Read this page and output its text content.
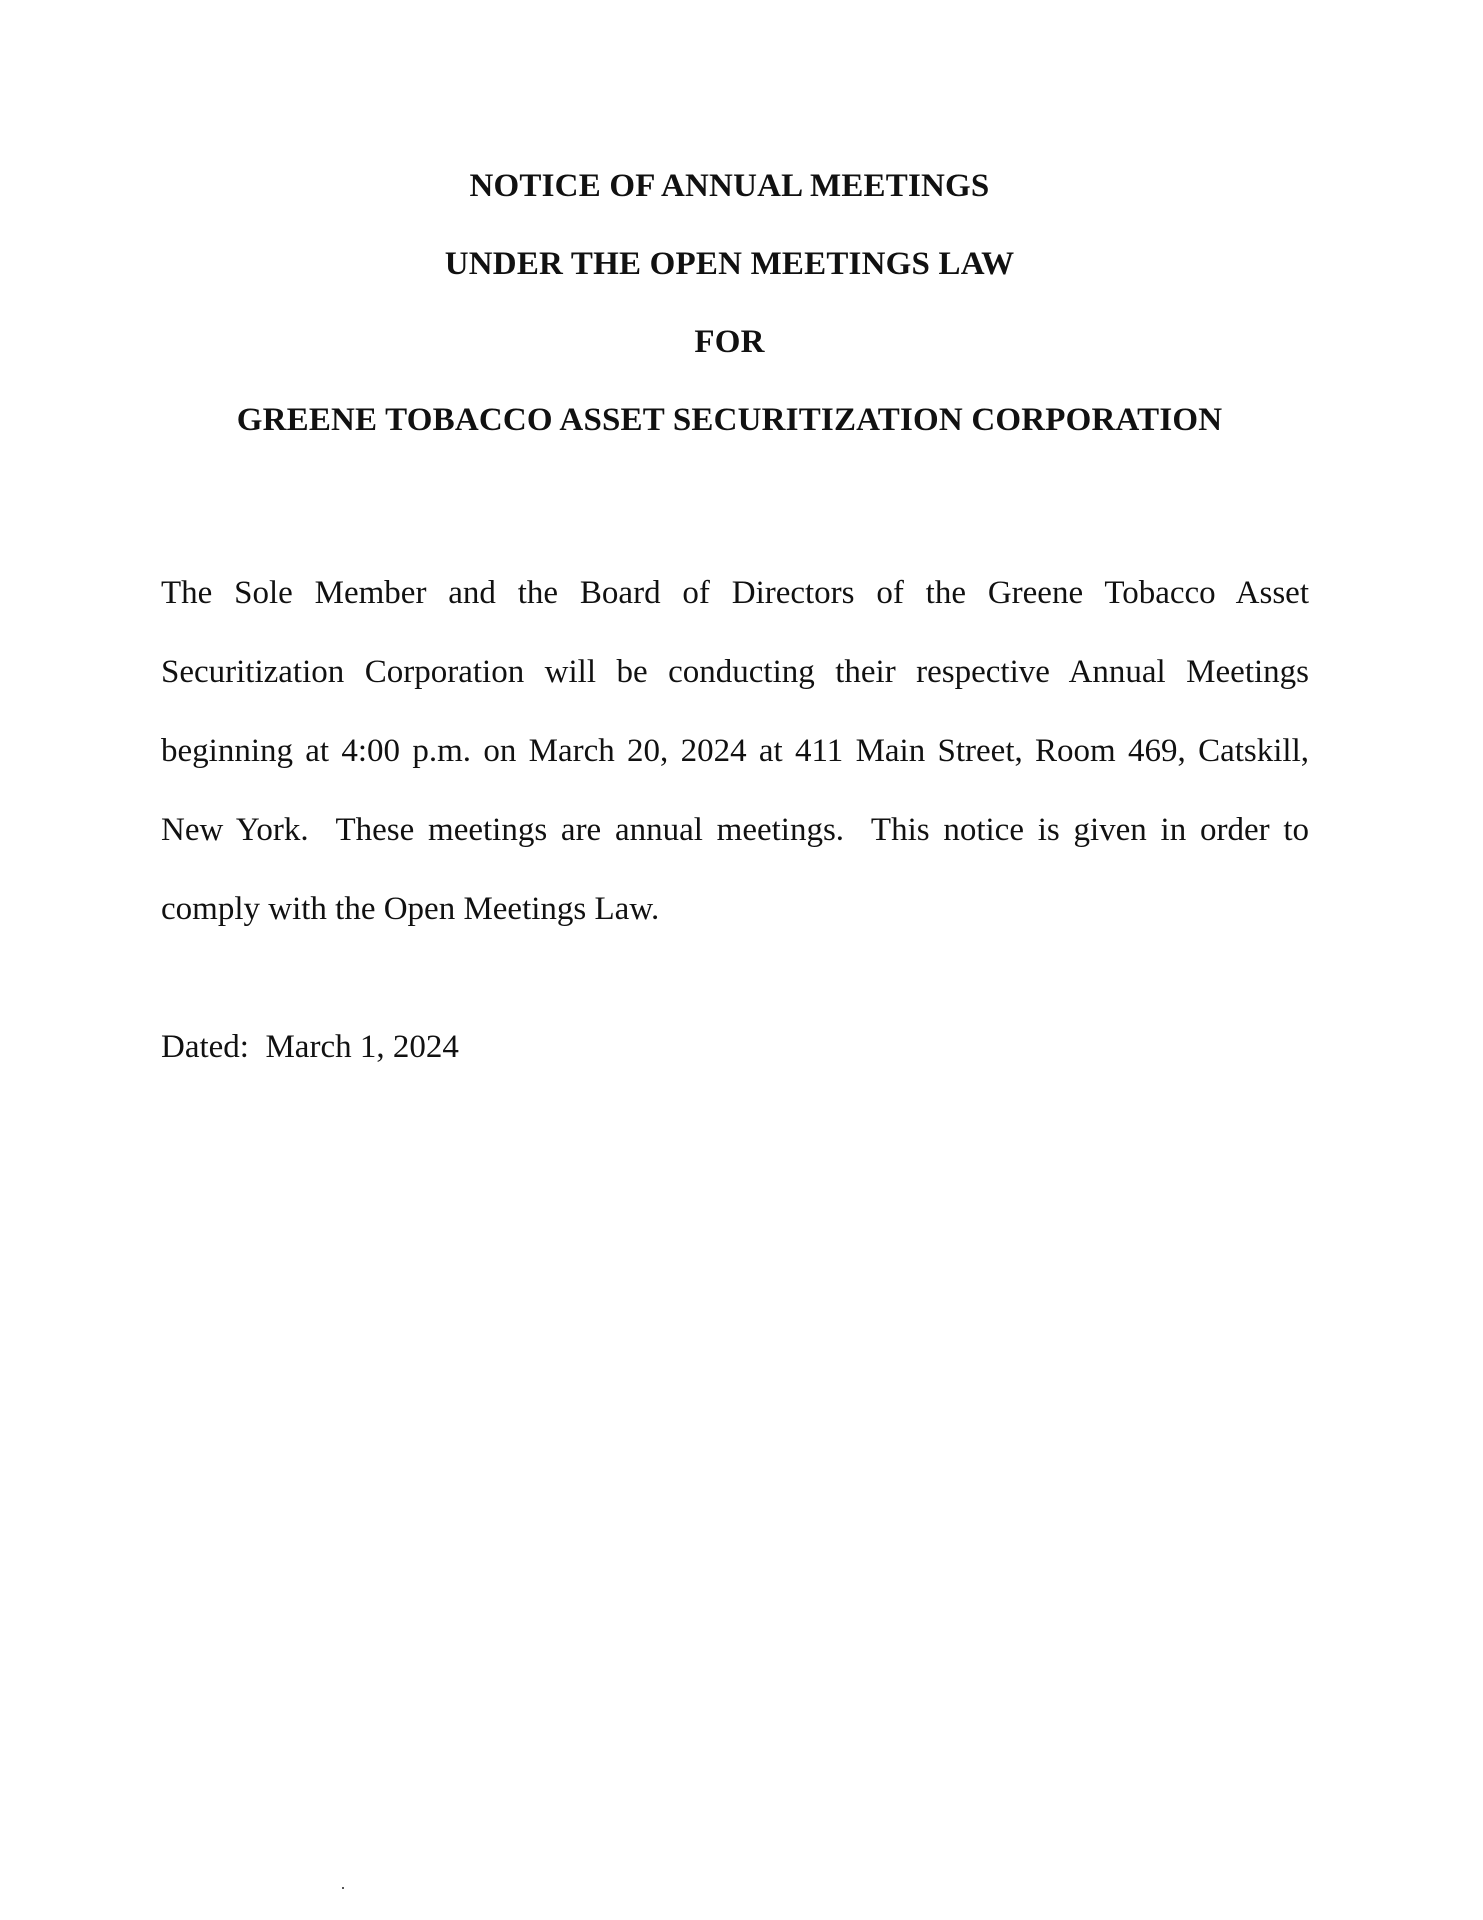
NOTICE OF ANNUAL MEETINGS
UNDER THE OPEN MEETINGS LAW
FOR
GREENE TOBACCO ASSET SECURITIZATION CORPORATION

The Sole Member and the Board of Directors of the Greene Tobacco Asset Securitization Corporation will be conducting their respective Annual Meetings beginning at 4:00 p.m. on March 20, 2024 at 411 Main Street, Room 469, Catskill, New York.  These meetings are annual meetings.  This notice is given in order to comply with the Open Meetings Law.

Dated:  March 1, 2024
